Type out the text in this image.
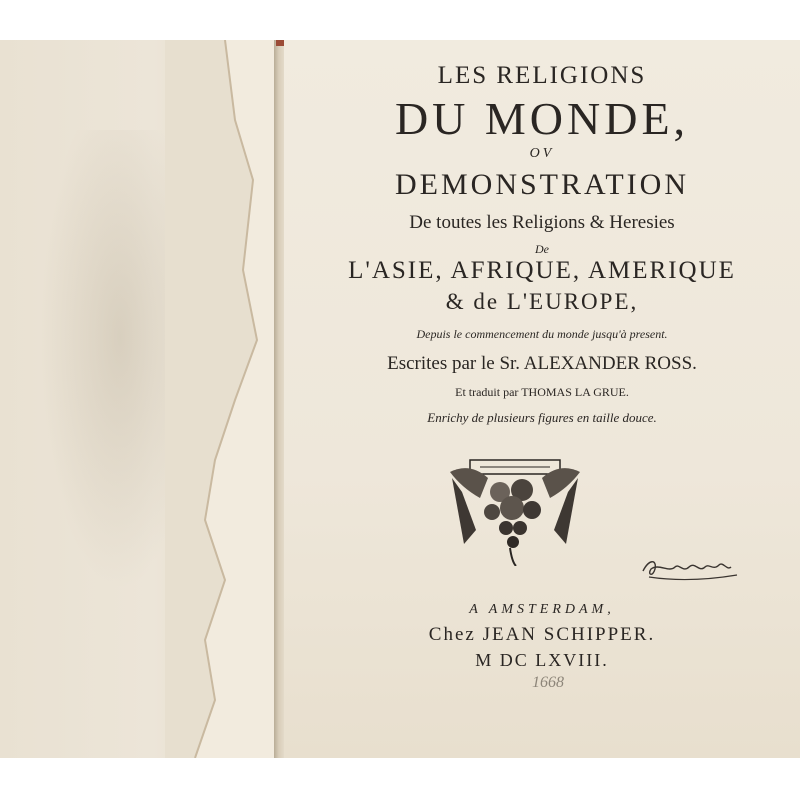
LES RELIGIONS
DU MONDE,
OV
DEMONSTRATION
De toutes les Religions & Heresies
De
L'ASIE, AFRIQUE, AMERIQUE
& de L'EUROPE,
Depuis le commencement du monde jusqu'à present.
Escrites par le Sr. ALEXANDER ROSS.
Et traduit par THOMAS LA GRUE.
Enrichy de plusieurs figures en taille douce.
A AMSTERDAM,
Chez JEAN SCHIPPER.
M DC LXVIII.
1668
